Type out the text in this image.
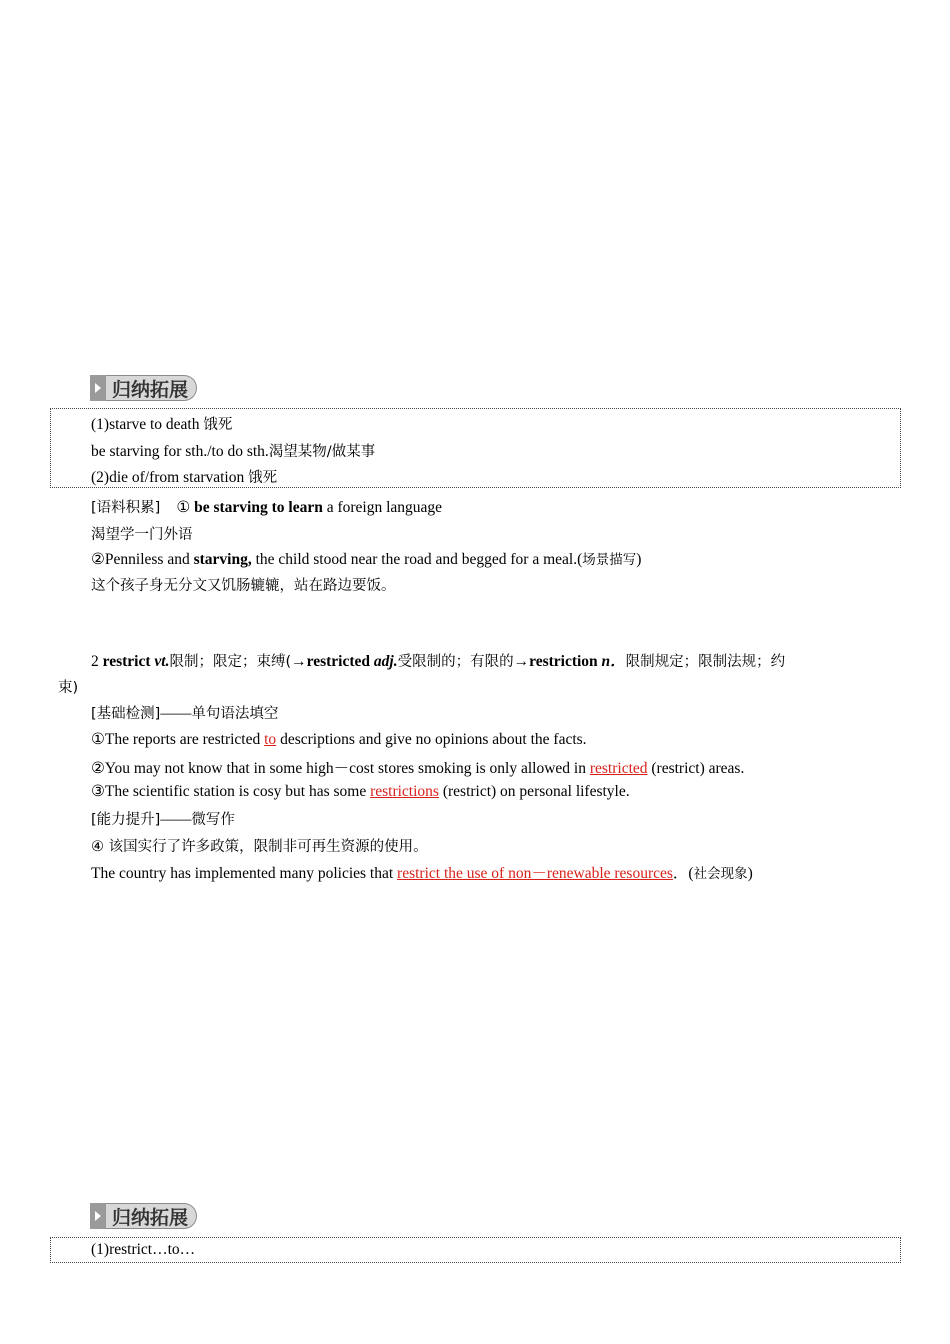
归纳拓展
(1)starve to death 饿死
be starving for sth./to do sth.渴望某物/做某事
(2)die of/from starvation 饿死
[语料积累] ① be starving to learn a foreign language
渴望学一门外语
②Penniless and starving, the child stood near the road and begged for a meal.(场景描写)
这个孩子身无分文又饥肠辘辘，站在路边要饭。
2 restrict vt.限制；限定；束缚(→restricted adj.受限制的；有限的→restriction n．限制规定；限制法规；约
束)
[基础检测]——单句语法填空
①The reports are restricted to descriptions and give no opinions about the facts.
②You may not know that in some high－cost stores smoking is only allowed in restricted (restrict) areas.
③The scientific station is cosy but has some restrictions (restrict) on personal lifestyle.
[能力提升]——微写作
④ 该国实行了许多政策，限制非可再生资源的使用。
The country has implemented many policies that restrict the use of non－renewable resources．(社会现象)
归纳拓展
(1)restrict…to…
